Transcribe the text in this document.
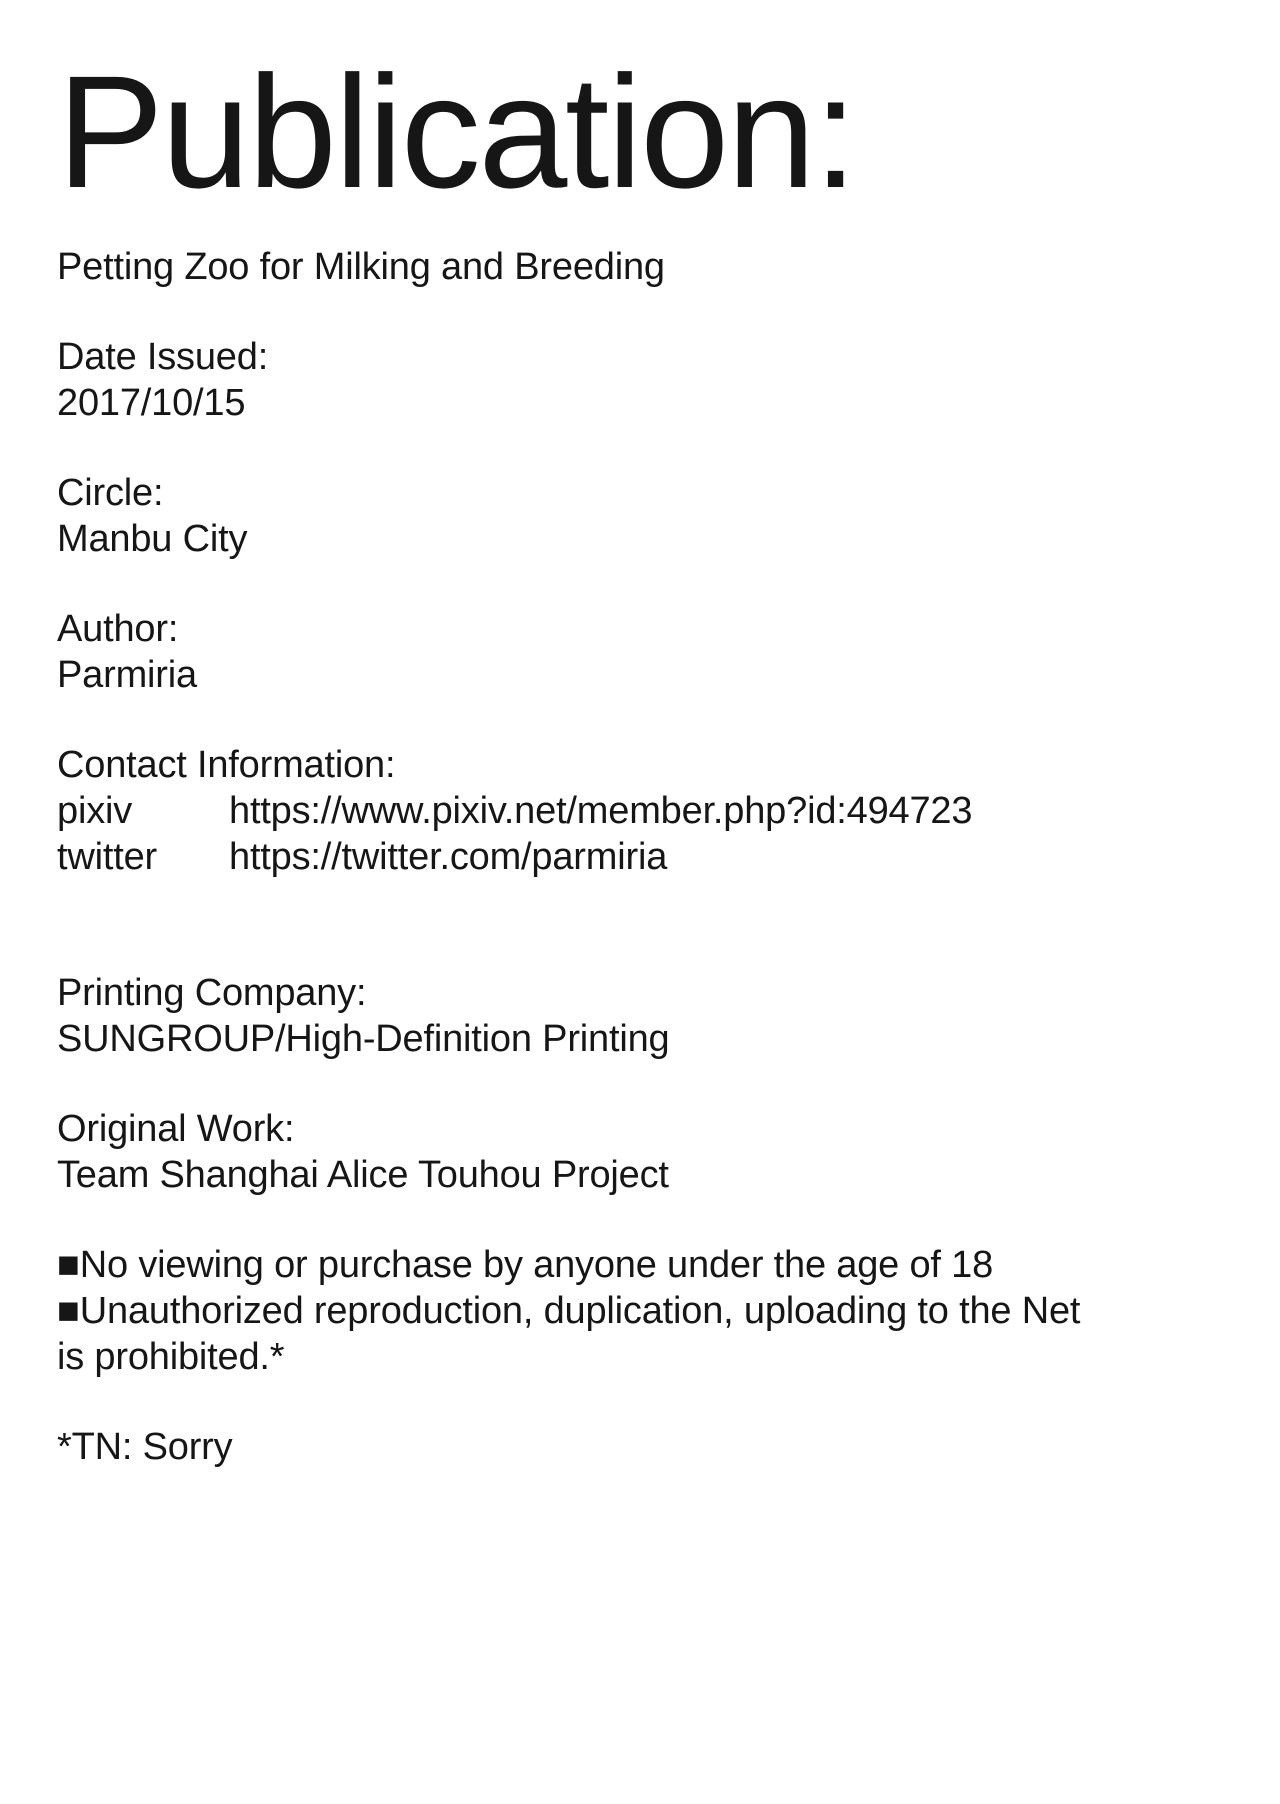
Publication:
Petting Zoo for Milking and Breeding
Date Issued:
2017/10/15
Circle:
Manbu City
Author:
Parmiria
Contact Information:
pixiv	https://www.pixiv.net/member.php?id:494723
twitter	https://twitter.com/parmiria
Printing Company:
SUNGROUP/High-Definition Printing
Original Work:
Team Shanghai Alice Touhou Project

■No viewing or purchase by anyone under the age of 18

■Unauthorized reproduction, duplication, uploading to the Net is prohibited.*

*TN: Sorry
